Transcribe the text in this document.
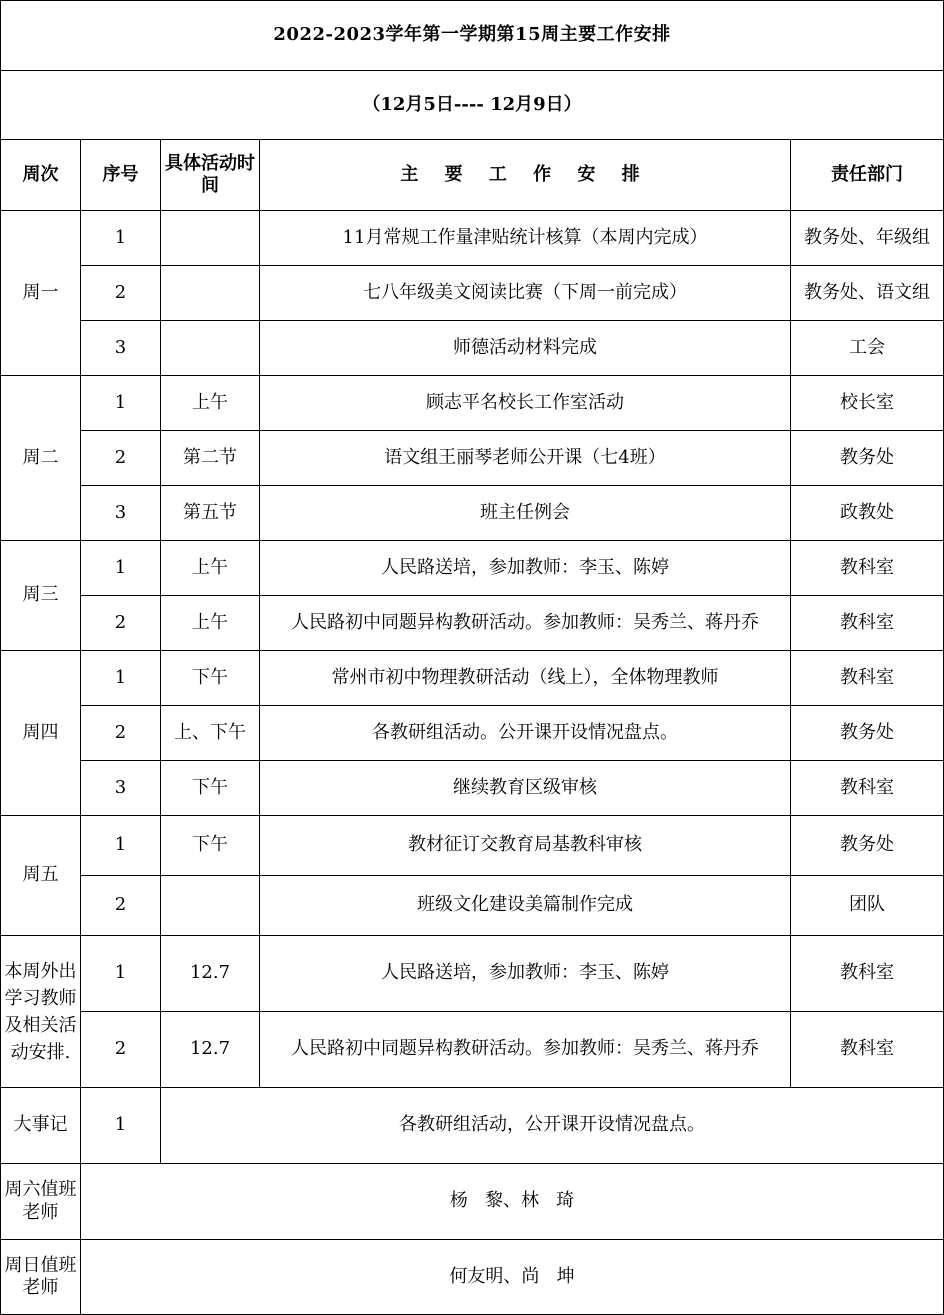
2022-2023学年第一学期第15周主要工作安排				
（12月5日---- 12月9日）				
周次	序号	具体活动时间	主 要 工 作 安 排	责任部门
周一	1		11月常规工作量津贴统计核算（本周内完成）	教务处、年级组
	2		七八年级美文阅读比赛（下周一前完成）	教务处、语文组
	3		师德活动材料完成	工会
周二	1	上午	顾志平名校长工作室活动	校长室
	2	第二节	语文组王丽琴老师公开课（七4班）	教务处
	3	第五节	班主任例会	政教处
周三	1	上午	人民路送培，参加教师：李玉、陈婷	教科室
	2	上午	人民路初中同题异构教研活动。参加教师：吴秀兰、蒋丹乔	教科室
周四	1	下午	常州市初中物理教研活动（线上），全体物理教师	教科室
	2	上、下午	各教研组活动。公开课开设情况盘点。	教务处
	3	下午	继续教育区级审核	教科室
周五	1	下午	教材征订交教育局基教科审核	教务处
	2		班级文化建设美篇制作完成	团队

本周外出学习教师及相关活动安排.	1	12.7	人民路送培，参加教师：李玉、陈婷	教科室
	2	12.7	人民路初中同题异构教研活动。参加教师：吴秀兰、蒋丹乔	教科室
大事记	1	各教研组活动，公开课开设情况盘点。		
周六值班老师	杨   黎、林   琦			
周日值班老师	何友明、尚   坤			
